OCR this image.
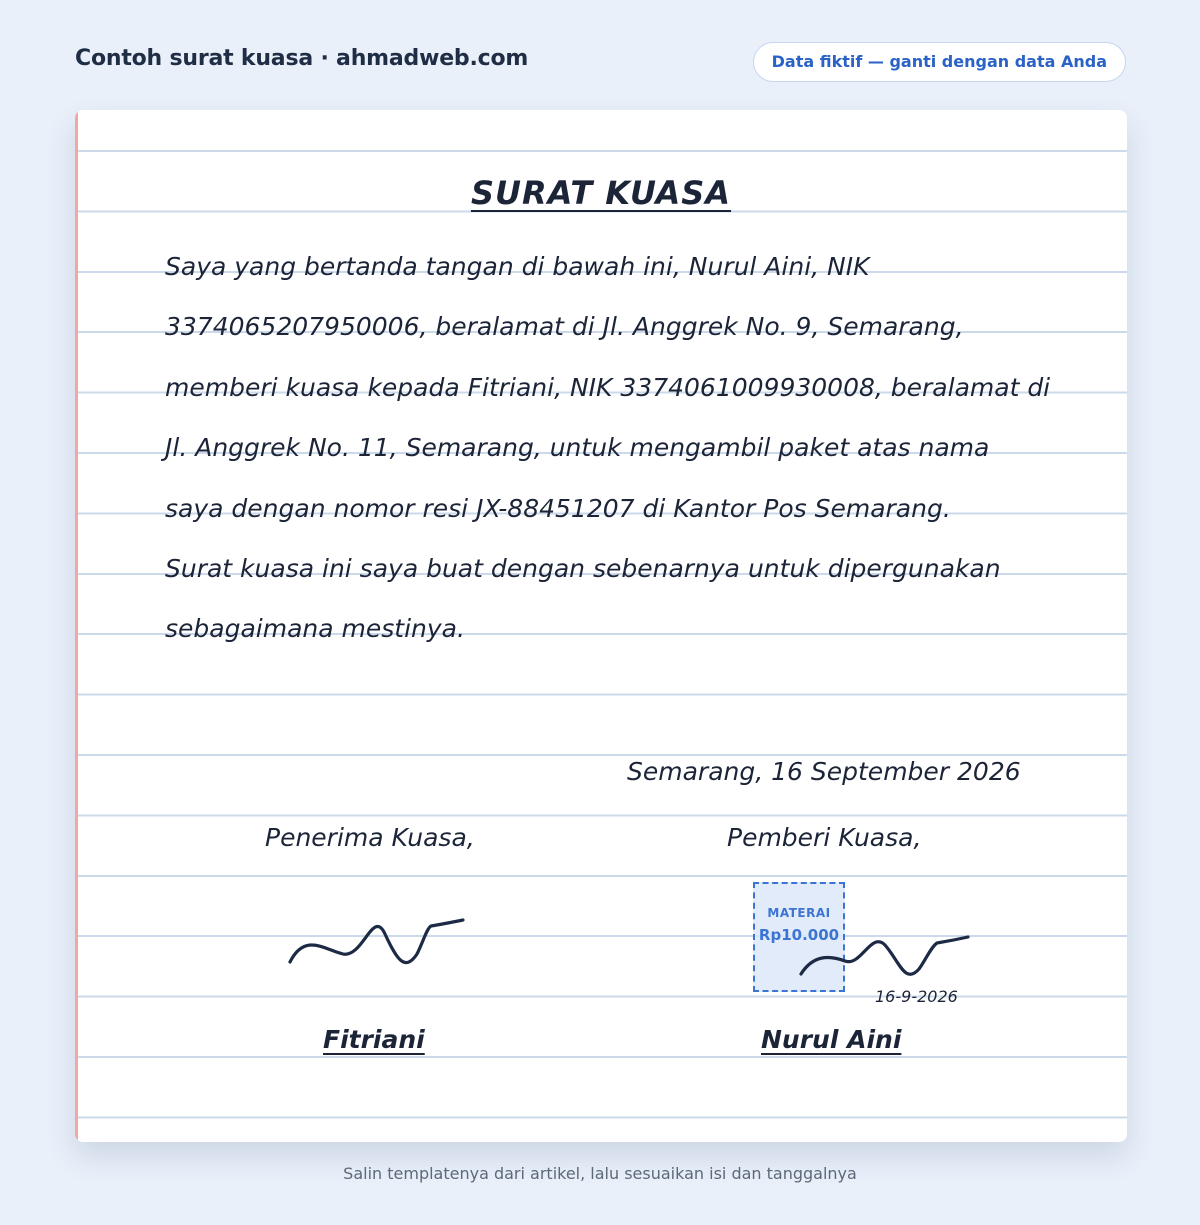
Contoh surat kuasa · ahmadweb.com	Data fiktif — ganti dengan data Anda
SURAT KUASA

Saya yang bertanda tangan di bawah ini, Nurul Aini, NIK 3374065207950006, beralamat di Jl. Anggrek No. 9, Semarang, memberi kuasa kepada Fitriani, NIK 3374061009930008, beralamat di Jl. Anggrek No. 11, Semarang, untuk mengambil paket atas nama saya dengan nomor resi JX-88451207 di Kantor Pos Semarang.

Surat kuasa ini saya buat dengan sebenarnya untuk dipergunakan sebagaimana mestinya.

Semarang, 16 September 2026
Penerima Kuasa,	Pemberi Kuasa,
MATERAI
Rp10.000
16-9-2026
Fitriani	Nurul Aini
Salin templatenya dari artikel, lalu sesuaikan isi dan tanggalnya
